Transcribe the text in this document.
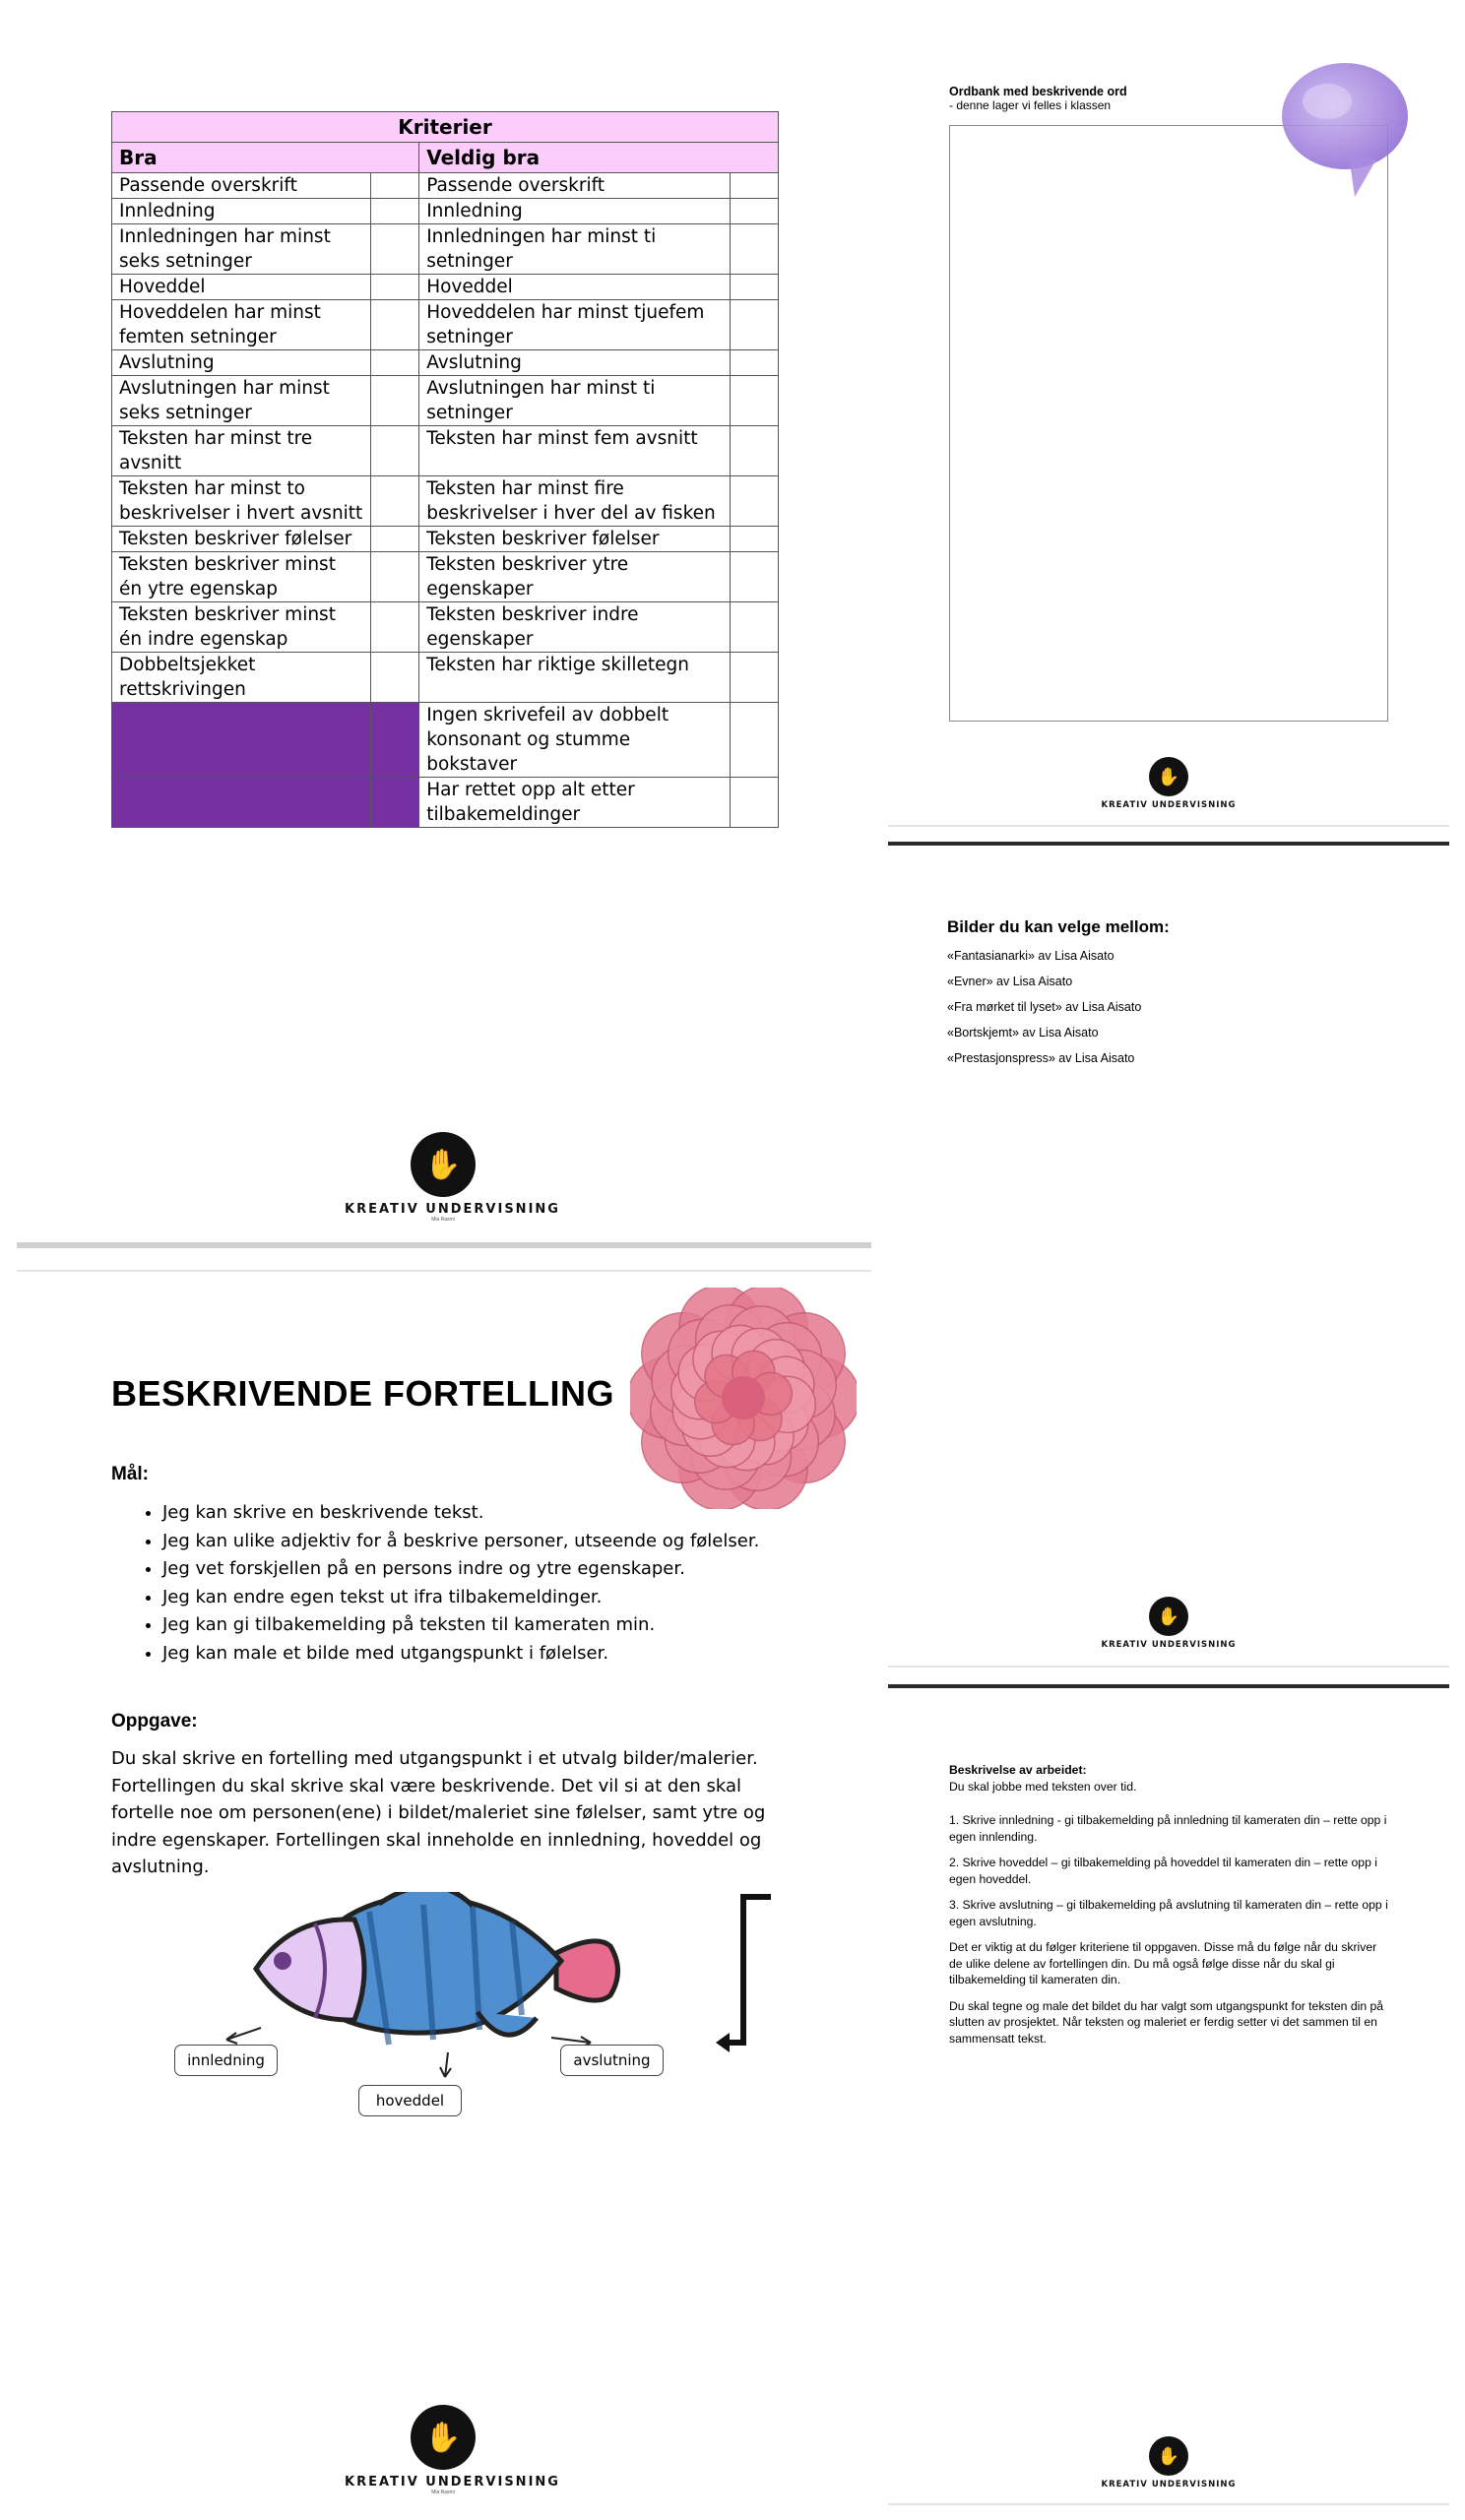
Kriterier			
Bra		Veldig bra	
Passende overskrift		Passende overskrift	
Innledning		Innledning	
Innledningen har minst seks setninger		Innledningen har minst ti setninger	
Hoveddel		Hoveddel	
Hoveddelen har minst femten setninger		Hoveddelen har minst tjuefem setninger	
Avslutning		Avslutning	
Avslutningen har minst seks setninger		Avslutningen har minst ti setninger	
Teksten har minst tre avsnitt		Teksten har minst fem avsnitt	
Teksten har minst to beskrivelser i hvert avsnitt		Teksten har minst fire beskrivelser i hver del av fisken	
Teksten beskriver følelser		Teksten beskriver følelser	
Teksten beskriver minst én ytre egenskap		Teksten beskriver ytre egenskaper	
Teksten beskriver minst én indre egenskap		Teksten beskriver indre egenskaper	
Dobbeltsjekket rettskrivingen		Teksten har riktige skilletegn	
		Ingen skrivefeil av dobbelt konsonant og stumme bokstaver	
		Har rettet opp alt etter tilbakemeldinger	
✋
KREATIV UNDERVISNING
Mia Rasmi
Ordbank med beskrivende ord
- denne lager vi felles i klassen
✋
KREATIV UNDERVISNING
Bilder du kan velge mellom:
«Fantasianarki» av Lisa Aisato
«Evner» av Lisa Aisato
«Fra mørket til lyset» av Lisa Aisato
«Bortskjemt» av Lisa Aisato
«Prestasjonspress» av Lisa Aisato
✋
KREATIV UNDERVISNING
BESKRIVENDE FORTELLING
Mål:
• Jeg kan skrive en beskrivende tekst.
• Jeg kan ulike adjektiv for å beskrive personer, utseende og følelser.
• Jeg vet forskjellen på en persons indre og ytre egenskaper.
• Jeg kan endre egen tekst ut ifra tilbakemeldinger.
• Jeg kan gi tilbakemelding på teksten til kameraten min.
• Jeg kan male et bilde med utgangspunkt i følelser.
Oppgave:
Du skal skrive en fortelling med utgangspunkt i et utvalg bilder/malerier. Fortellingen du skal skrive skal være beskrivende. Det vil si at den skal fortelle noe om personen(ene) i bildet/maleriet sine følelser, samt ytre og indre egenskaper. Fortellingen skal inneholde en innledning, hoveddel og avslutning.
innledning
hoveddel
avslutning
✋
KREATIV UNDERVISNING
Mia Rasmi
Beskrivelse av arbeidet:

Du skal jobbe med teksten over tid.

1. Skrive innledning - gi tilbakemelding på innledning til kameraten din – rette opp i egen innlending.

2. Skrive hoveddel – gi tilbakemelding på hoveddel til kameraten din – rette opp i egen hoveddel.

3. Skrive avslutning – gi tilbakemelding på avslutning til kameraten din – rette opp i egen avslutning.

Det er viktig at du følger kriteriene til oppgaven. Disse må du følge når du skriver de ulike delene av fortellingen din. Du må også følge disse når du skal gi tilbakemelding til kameraten din.

Du skal tegne og male det bildet du har valgt som utgangspunkt for teksten din på slutten av prosjektet. Når teksten og maleriet er ferdig setter vi det sammen til en sammensatt tekst.

✋
KREATIV UNDERVISNING
